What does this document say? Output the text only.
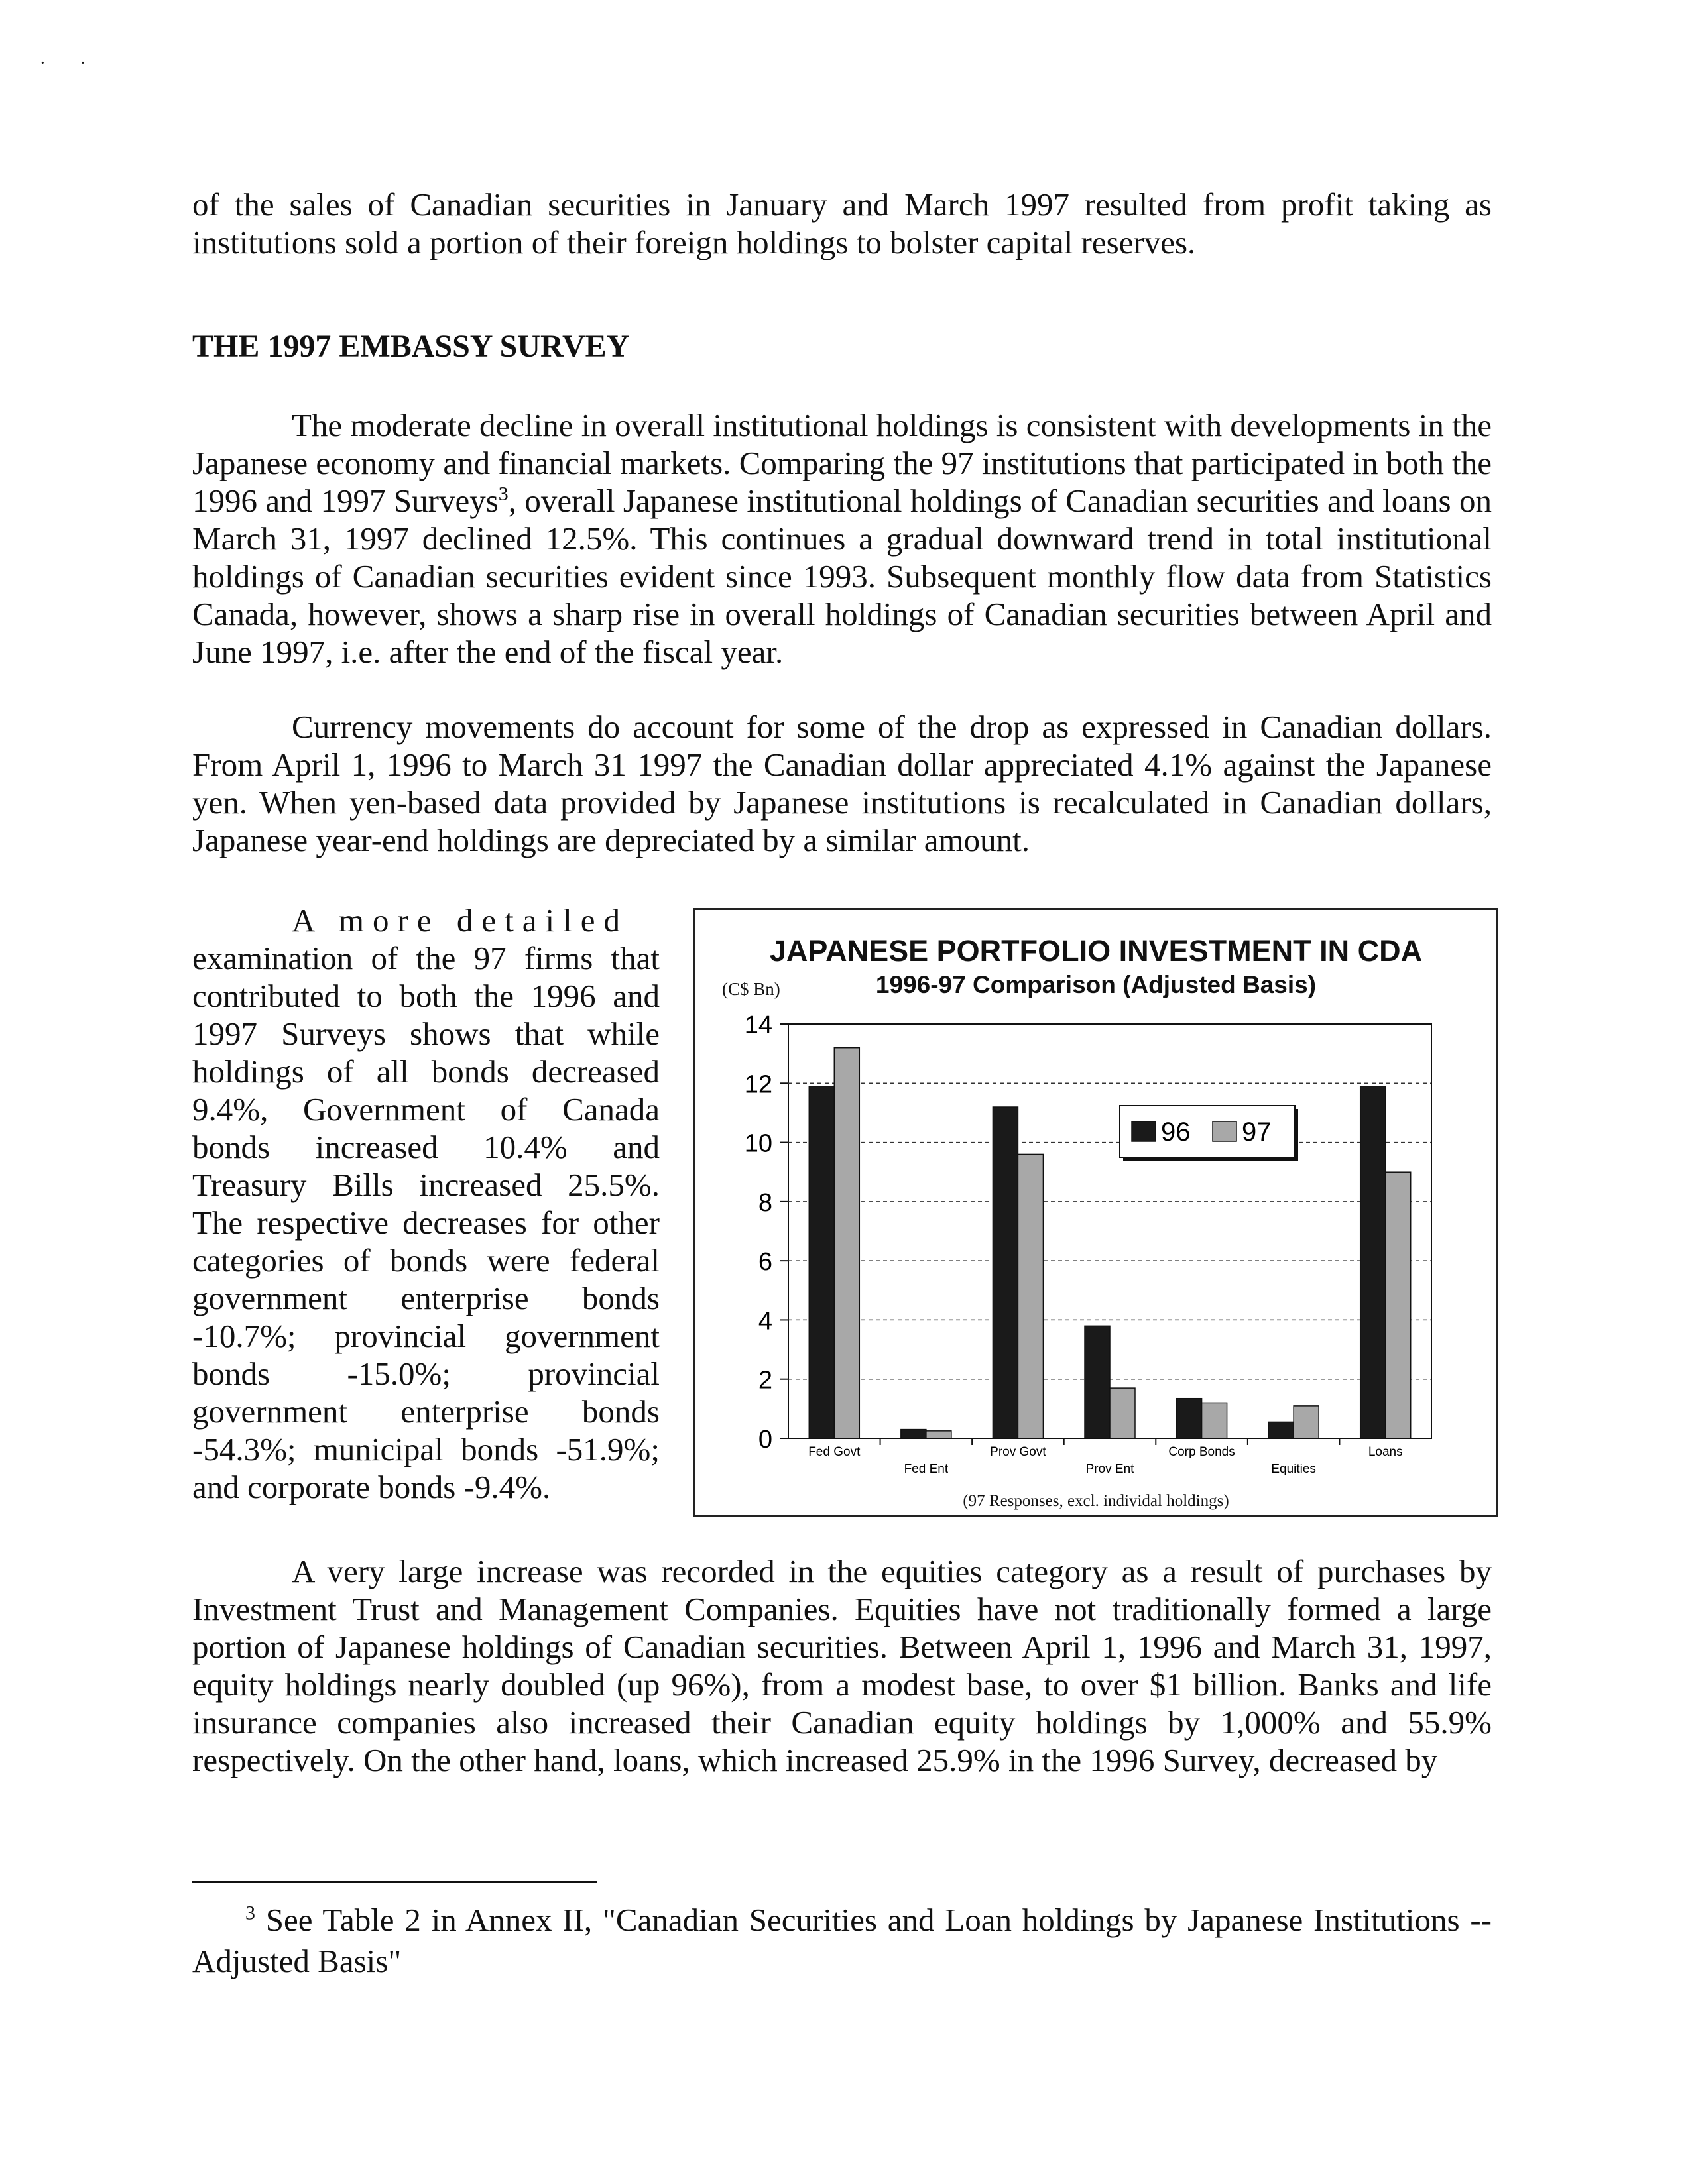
·        ·

of the sales of Canadian securities in January and March 1997 resulted from profit taking as institutions sold a portion of their foreign holdings to bolster capital reserves.

THE 1997 EMBASSY SURVEY

The moderate decline in overall institutional holdings is consistent with developments in the Japanese economy and financial markets. Comparing the 97 institutions that participated in both the 1996 and 1997 Surveys$^3$, overall Japanese institutional holdings of Canadian securities and loans on March 31, 1997 declined 12.5%. This continues a gradual downward trend in total institutional holdings of Canadian securities evident since 1993. Subsequent monthly flow data from Statistics Canada, however, shows a sharp rise in overall holdings of Canadian securities between April and June 1997, i.e. after the end of the fiscal year.

Currency movements do account for some of the drop as expressed in Canadian dollars. From April 1, 1996 to March 31 1997 the Canadian dollar appreciated 4.1% against the Japanese yen. When yen-based data provided by Japanese institutions is recalculated in Canadian dollars, Japanese year-end holdings are depreciated by a similar amount.

A more detailed

examination of the 97 firms that contributed to both the 1996 and 1997 Surveys shows that while holdings of all bonds decreased 9.4%, Government of Canada bonds increased 10.4% and Treasury Bills increased 25.5%. The respective decreases for other categories of bonds were federal government enterprise bonds -10.7%; provincial government bonds -15.0%; provincial government enterprise bonds -54.3%; municipal bonds -51.9%; and corporate bonds -9.4%.

JAPANESE PORTFOLIO INVESTMENT IN CDA
1996-97 Comparison (Adjusted Basis)
(C$ Bn)
0
2
4
6
8
10
12
14
Fed Govt
Fed Ent
Prov Govt
Prov Ent
Corp Bonds
Equities
Loans
96 97
(97 Responses, excl. individal holdings)

A very large increase was recorded in the equities category as a result of purchases by Investment Trust and Management Companies. Equities have not traditionally formed a large portion of Japanese holdings of Canadian securities. Between April 1, 1996 and March 31, 1997, equity holdings nearly doubled (up 96%), from a modest base, to over $1 billion. Banks and life insurance companies also increased their Canadian equity holdings by 1,000% and 55.9% respectively. On the other hand, loans, which increased 25.9% in the 1996 Survey, decreased by

$^3$ See Table 2 in Annex II, "Canadian Securities and Loan holdings by Japanese Institutions -- Adjusted Basis"
